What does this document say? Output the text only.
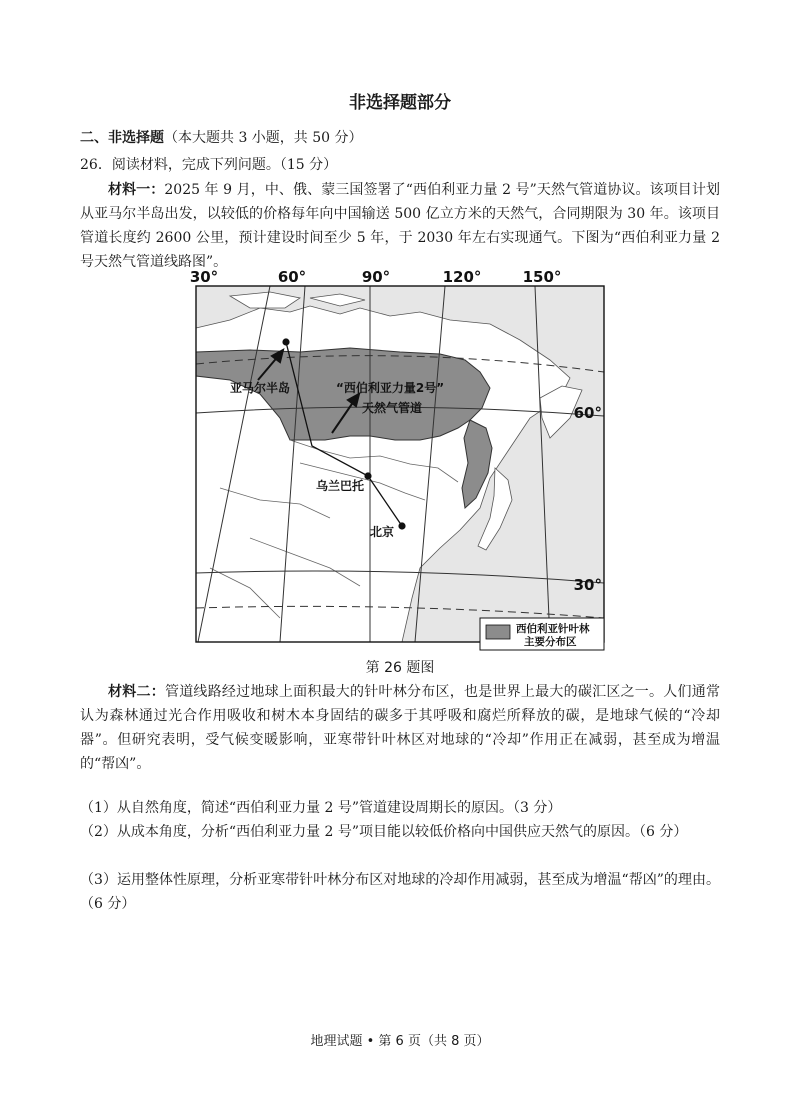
非选择题部分
二、非选择题（本大题共 3 小题，共 50 分）
26．阅读材料，完成下列问题。（15 分）
材料一：2025 年 9 月，中、俄、蒙三国签署了“西伯利亚力量 2 号”天然气管道协议。该项目计划从亚马尔半岛出发，以较低的价格每年向中国输送 500 亿立方米的天然气，合同期限为 30 年。该项目管道长度约 2600 公里，预计建设时间至少 5 年，于 2030 年左右实现通气。下图为“西伯利亚力量 2 号天然气管道线路图”。
30°	60°	90°	120°	150°
60°
30°
亚马尔半岛	“西伯利亚力量2号”
天然气管道
乌兰巴托
北京
西伯利亚针叶林
主要分布区
第 26 题图
材料二：管道线路经过地球上面积最大的针叶林分布区，也是世界上最大的碳汇区之一。人们通常认为森林通过光合作用吸收和树木本身固结的碳多于其呼吸和腐烂所释放的碳，是地球气候的“冷却器”。但研究表明，受气候变暖影响，亚寒带针叶林区对地球的“冷却”作用正在减弱，甚至成为增温的“帮凶”。
（1）从自然角度，简述“西伯利亚力量 2 号”管道建设周期长的原因。（3 分）
（2）从成本角度，分析“西伯利亚力量 2 号”项目能以较低价格向中国供应天然气的原因。（6 分）
（3）运用整体性原理，分析亚寒带针叶林分布区对地球的冷却作用减弱，甚至成为增温“帮凶”的理由。（6 分）
地理试题 • 第 6 页（共 8 页）
